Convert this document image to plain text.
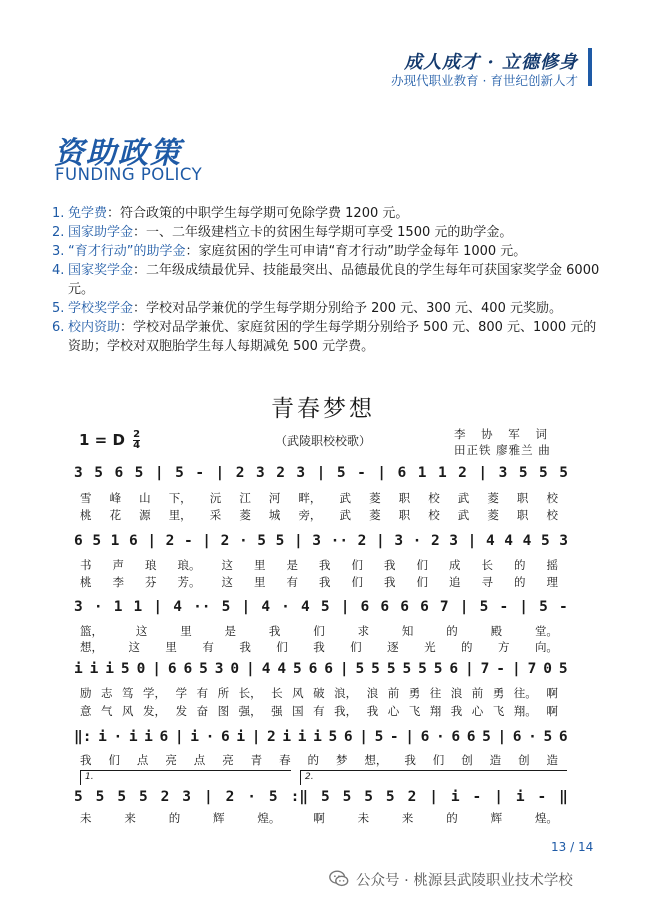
成人成才 · 立德修身
办现代职业教育 · 育世纪创新人才
资助政策
FUNDING POLICY
1. 免学费：符合政策的中职学生每学期可免除学费 1200 元。
2. 国家助学金：一、二年级建档立卡的贫困生每学期可享受 1500 元的助学金。
3. “育才行动”的助学金：家庭贫困的学生可申请“育才行动”助学金每年 1000 元。
4. 国家奖学金：二年级成绩最优异、技能最突出、品德最优良的学生每年可获国家奖学金 6000 元。
5. 学校奖学金：学校对品学兼优的学生每学期分别给予 200 元、300 元、400 元奖励。
6. 校内资助：学校对品学兼优、家庭贫困的学生每学期分别给予 500 元、800 元、1000 元的资助；学校对双胞胎学生每人每期减免 500 元学费。
青春梦想
（武陵职校校歌）
1 = D $\frac{2}{4}$	李 协 军 词
田正铁 廖雅兰 曲
3 5 6 5 | 5 - | 2 3 2 3 | 5 - | 6 1 1 2 | 3 5 5 5
雪 峰 山 下， 沅 江 河 畔， 武 菱 职 校 武 菱 职 校
桃 花 源 里， 采 菱 城 旁， 武 菱 职 校 武 菱 职 校
6 5 1 6 | 2 - | 2 · 5 5 | 3 ·· 2 | 3 · 2 3 | 4 4 4 5 3
书 声 琅 琅。 这 里 是 我 们 我 们 成 长 的 摇
桃 李 芬 芳。 这 里 有 我 们 我 们 追 寻 的 理
3 · 1 1 | 4 ·· 5 | 4 · 4 5 | 6 6 6 6 7 | 5 - | 5 -
篮，	这	里	是	我	们	求	知	的	殿	堂。
想， 这 里 有 我 们 我 们 逐 光 的 方 向。
i i i 5 0 | 6 6 5 3 0 | 4 4 5 6 6 | 5 5 5 5 5 5 6 | 7 - | 7 0 5
励 志 笃 学， 学 有 所 长， 长 风 破 浪， 浪 前 勇 往 浪 前 勇 往。 啊
意 气 风 发， 发 奋 图 强， 强 国 有 我， 我 心 飞 翔 我 心 飞 翔。 啊
‖: i · i i 6 | i · 6 i | 2 i i i 5 6 | 5 - | 6 · 6 6 5 | 6 · 5 6
我 们 点 亮 点 亮 青 春 的 梦 想， 我 们 创 造 创 造
1.	2.
5 5 5 5 2 3 | 2 · 5 :‖ 5 5 5 5 2 | i - | i - ‖
未	来	的	辉	煌。	啊	未	来	的	辉	煌。
13 / 14
公众号 · 桃源县武陵职业技术学校
